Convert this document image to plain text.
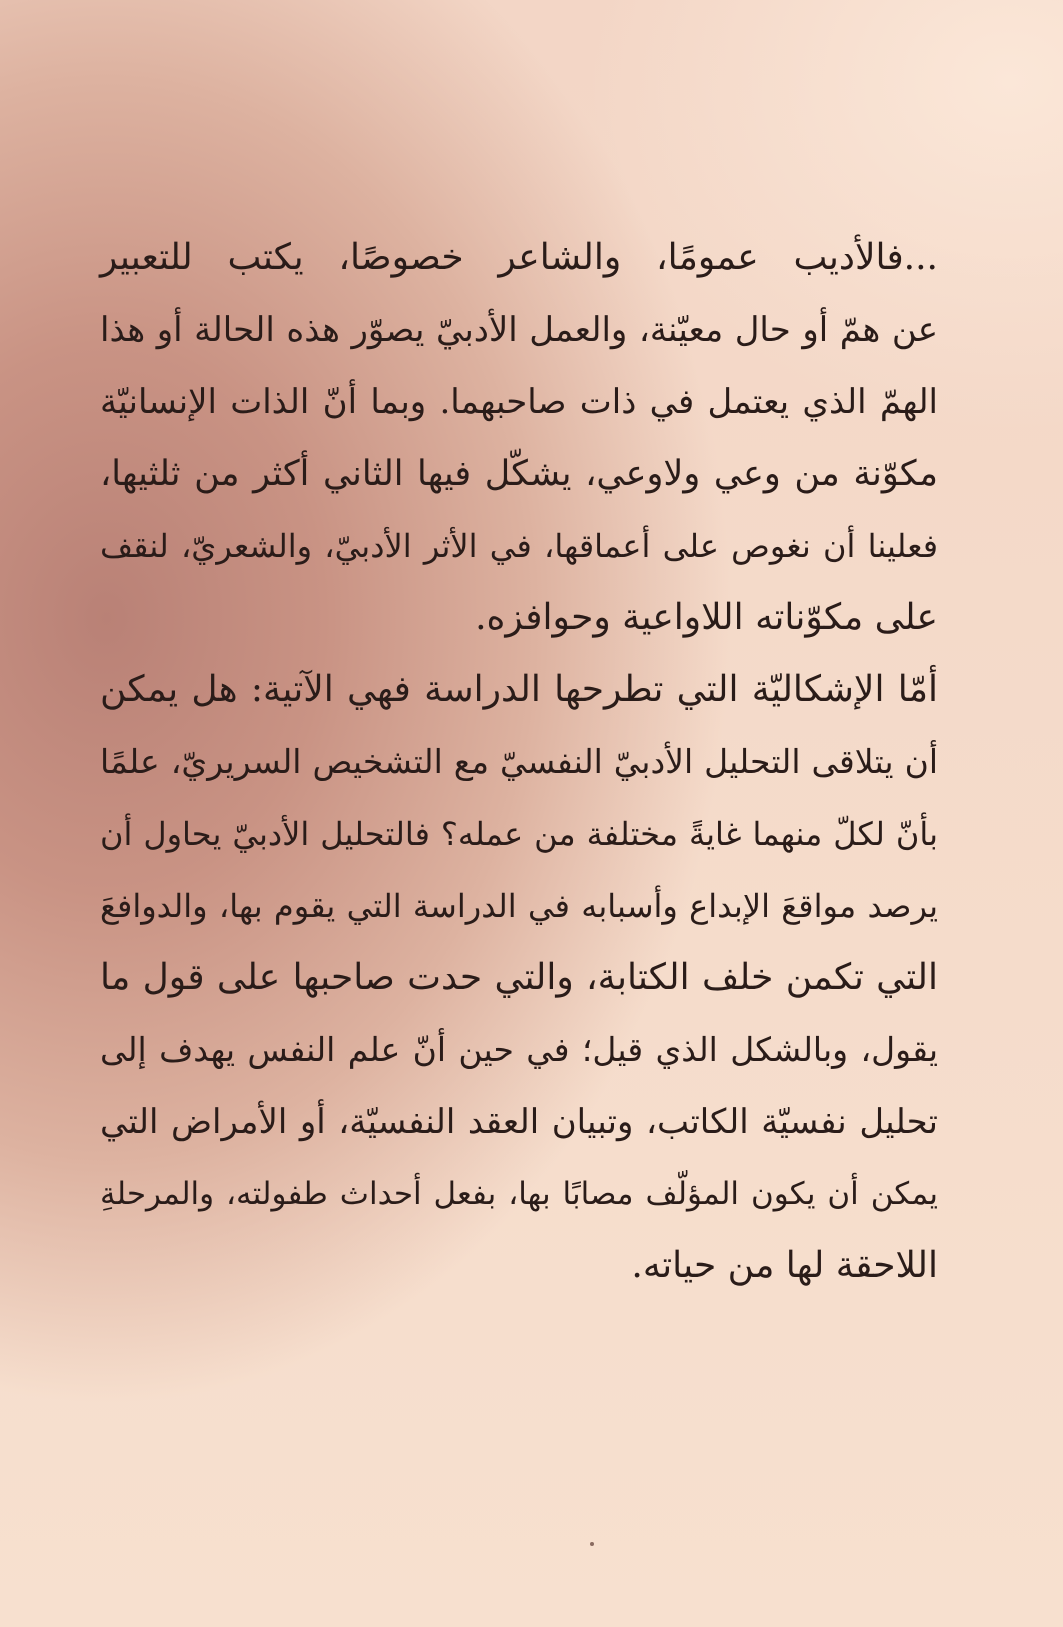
...فالأديب عمومًا، والشاعر خصوصًا، يكتب للتعبير
عن همّ أو حال معيّنة، والعمل الأدبيّ يصوّر هذه الحالة أو هذا
الهمّ الذي يعتمل في ذات صاحبهما. وبما أنّ الذات الإنسانيّة
مكوّنة من وعي ولاوعي، يشكّل فيها الثاني أكثر من ثلثيها،
فعلينا أن نغوص على أعماقها، في الأثر الأدبيّ، والشعريّ، لنقف
على مكوّناته اللاواعية وحوافزه.
أمّا الإشكاليّة التي تطرحها الدراسة فهي الآتية: هل يمكن
أن يتلاقى التحليل الأدبيّ النفسيّ مع التشخيص السريريّ، علمًا
بأنّ لكلّ منهما غايةً مختلفة من عمله؟ فالتحليل الأدبيّ يحاول أن
يرصد مواقعَ الإبداع وأسبابه في الدراسة التي يقوم بها، والدوافعَ
التي تكمن خلف الكتابة، والتي حدت صاحبها على قول ما
يقول، وبالشكل الذي قيل؛ في حين أنّ علم النفس يهدف إلى
تحليل نفسيّة الكاتب، وتبيان العقد النفسيّة، أو الأمراض التي
يمكن أن يكون المؤلّف مصابًا بها، بفعل أحداث طفولته، والمرحلةِ
اللاحقة لها من حياته.
